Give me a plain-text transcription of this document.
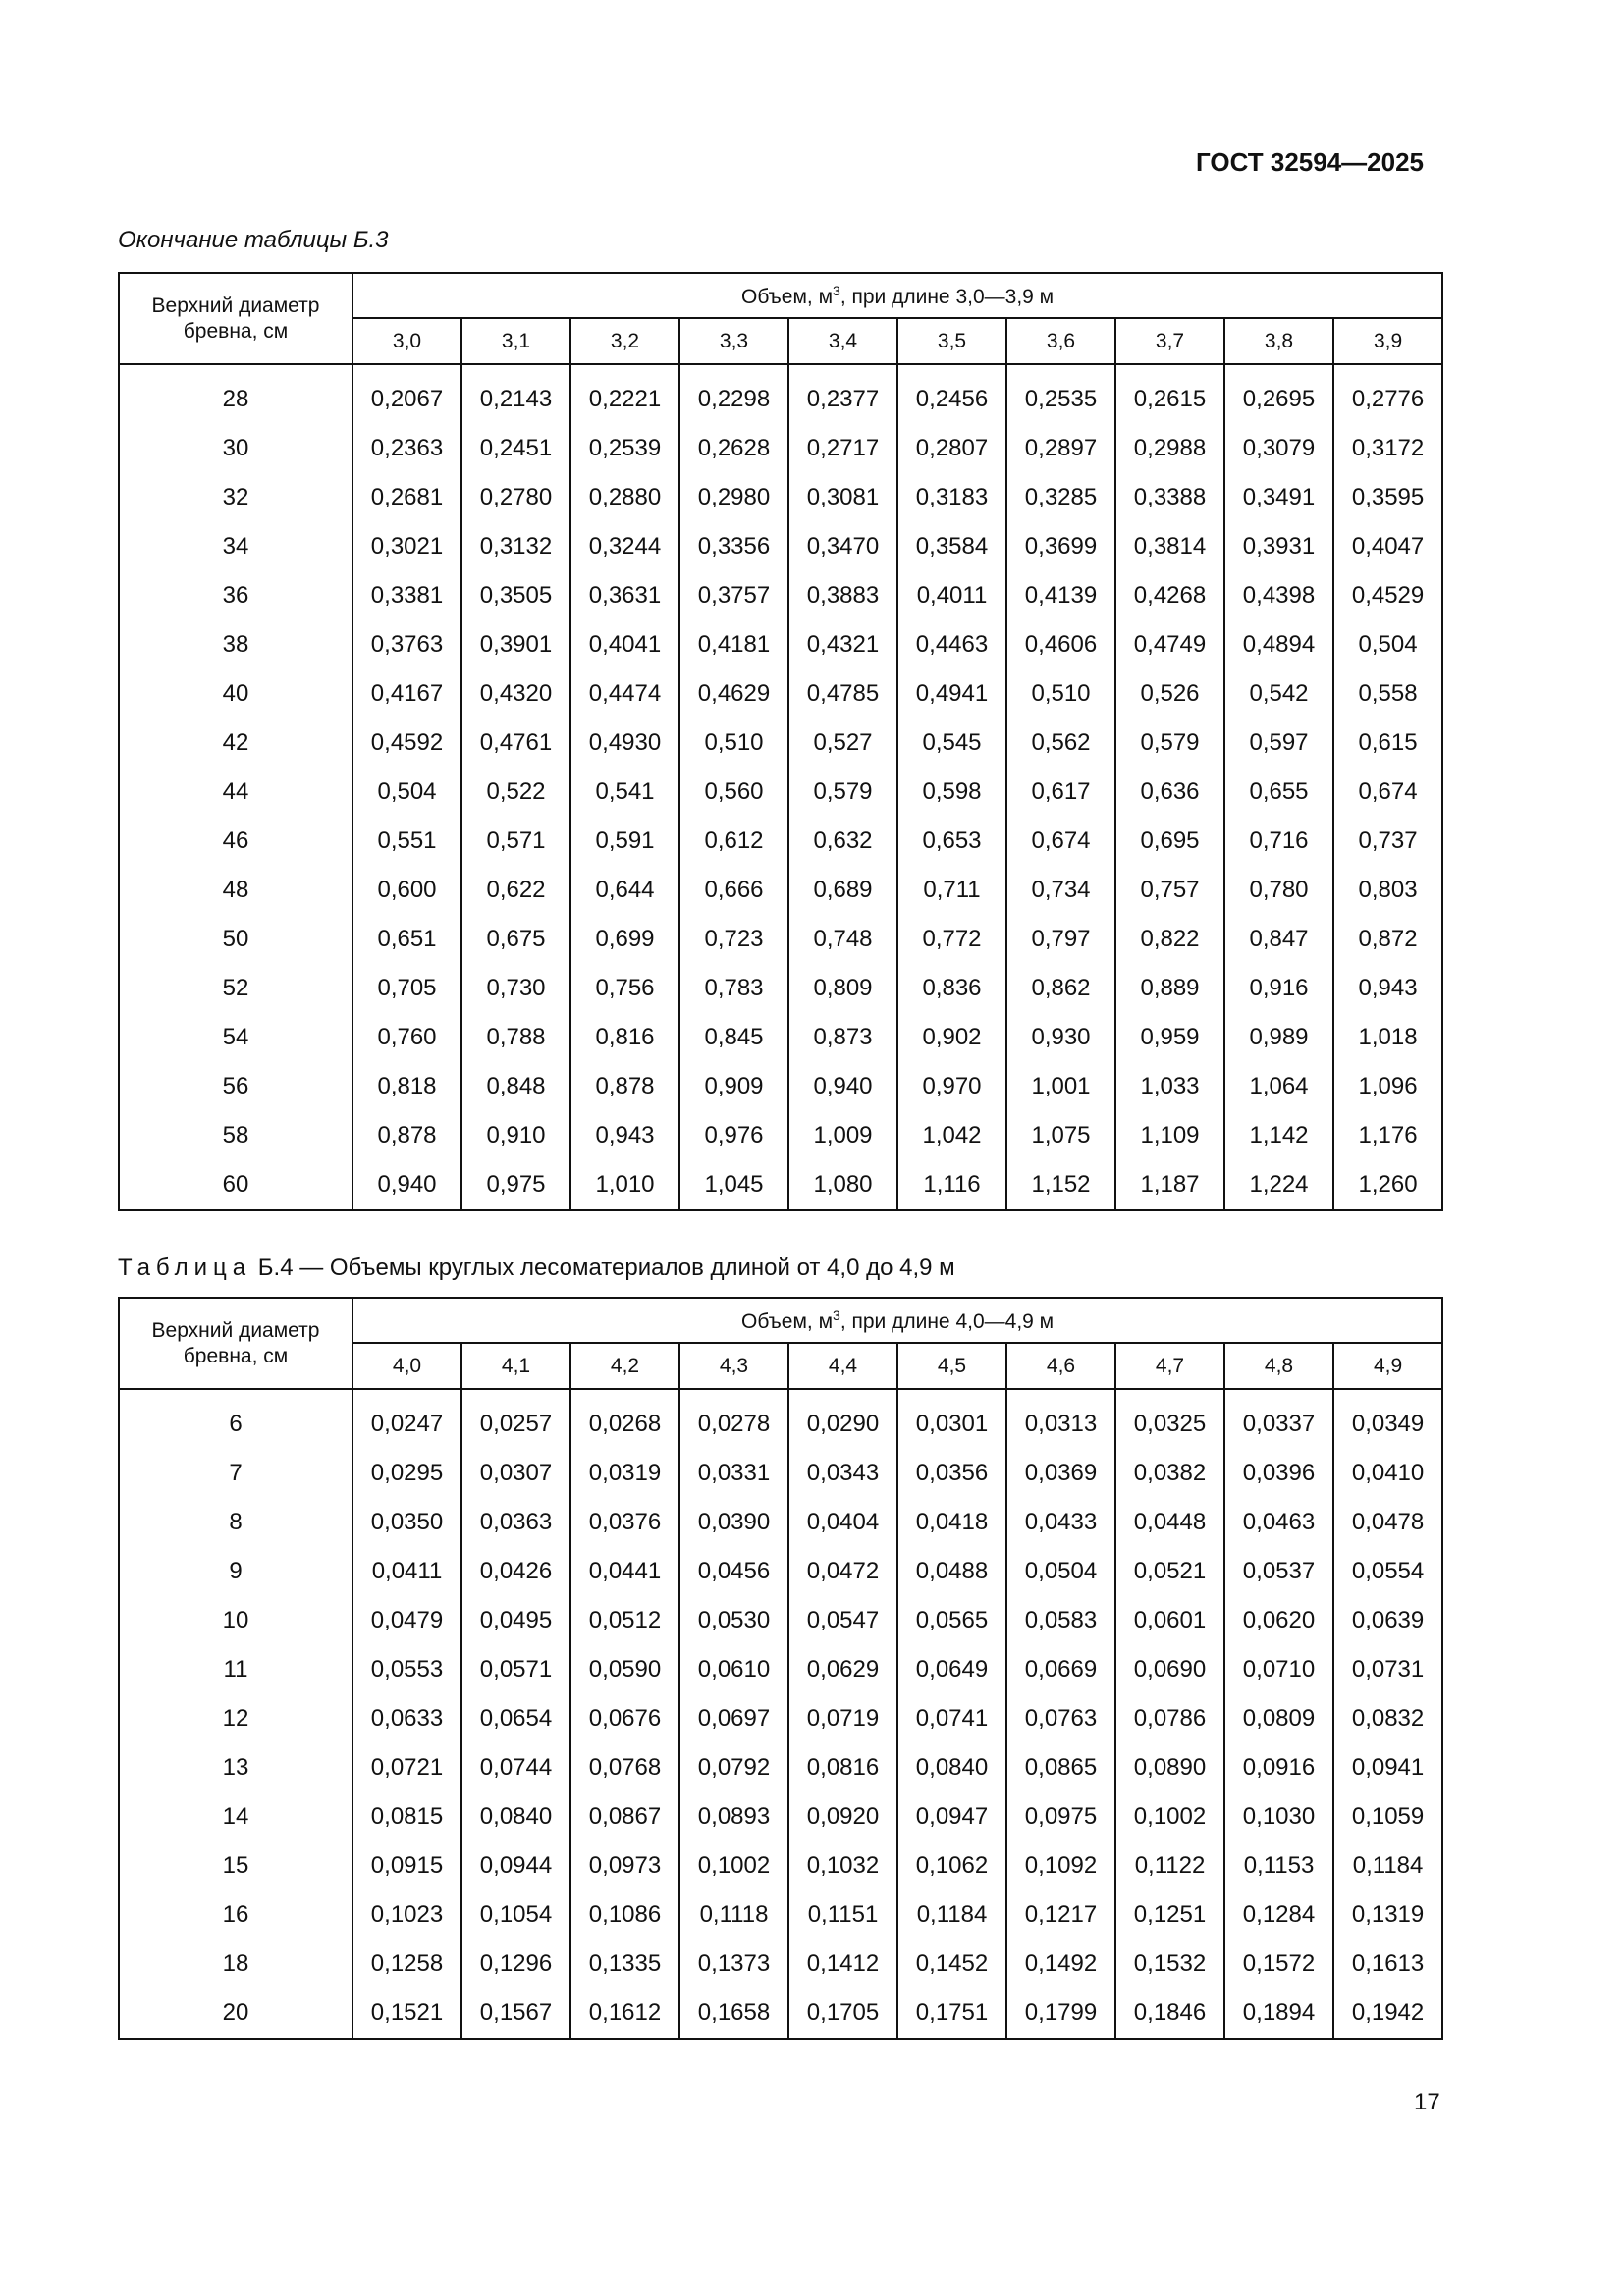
ГОСТ 32594—2025
Окончание таблицы Б.3
Верхний диаметр бревна, см	Объем, $м^3$, при длине 3,0—3,9 м									
	3,0	3,1	3,2	3,3	3,4	3,5	3,6	3,7	3,8	3,9

28	0,2067	0,2143	0,2221	0,2298	0,2377	0,2456	0,2535	0,2615	0,2695	0,2776
30	0,2363	0,2451	0,2539	0,2628	0,2717	0,2807	0,2897	0,2988	0,3079	0,3172
32	0,2681	0,2780	0,2880	0,2980	0,3081	0,3183	0,3285	0,3388	0,3491	0,3595
34	0,3021	0,3132	0,3244	0,3356	0,3470	0,3584	0,3699	0,3814	0,3931	0,4047
36	0,3381	0,3505	0,3631	0,3757	0,3883	0,4011	0,4139	0,4268	0,4398	0,4529
38	0,3763	0,3901	0,4041	0,4181	0,4321	0,4463	0,4606	0,4749	0,4894	0,504
40	0,4167	0,4320	0,4474	0,4629	0,4785	0,4941	0,510	0,526	0,542	0,558
42	0,4592	0,4761	0,4930	0,510	0,527	0,545	0,562	0,579	0,597	0,615
44	0,504	0,522	0,541	0,560	0,579	0,598	0,617	0,636	0,655	0,674
46	0,551	0,571	0,591	0,612	0,632	0,653	0,674	0,695	0,716	0,737
48	0,600	0,622	0,644	0,666	0,689	0,711	0,734	0,757	0,780	0,803
50	0,651	0,675	0,699	0,723	0,748	0,772	0,797	0,822	0,847	0,872
52	0,705	0,730	0,756	0,783	0,809	0,836	0,862	0,889	0,916	0,943
54	0,760	0,788	0,816	0,845	0,873	0,902	0,930	0,959	0,989	1,018
56	0,818	0,848	0,878	0,909	0,940	0,970	1,001	1,033	1,064	1,096
58	0,878	0,910	0,943	0,976	1,009	1,042	1,075	1,109	1,142	1,176
60	0,940	0,975	1,010	1,045	1,080	1,116	1,152	1,187	1,224	1,260
Таблица Б.4 — Объемы круглых лесоматериалов длиной от 4,0 до 4,9 м
Верхний диаметр бревна, см	Объем, $м^3$, при длине 4,0—4,9 м									
	4,0	4,1	4,2	4,3	4,4	4,5	4,6	4,7	4,8	4,9

6	0,0247	0,0257	0,0268	0,0278	0,0290	0,0301	0,0313	0,0325	0,0337	0,0349
7	0,0295	0,0307	0,0319	0,0331	0,0343	0,0356	0,0369	0,0382	0,0396	0,0410
8	0,0350	0,0363	0,0376	0,0390	0,0404	0,0418	0,0433	0,0448	0,0463	0,0478
9	0,0411	0,0426	0,0441	0,0456	0,0472	0,0488	0,0504	0,0521	0,0537	0,0554
10	0,0479	0,0495	0,0512	0,0530	0,0547	0,0565	0,0583	0,0601	0,0620	0,0639
11	0,0553	0,0571	0,0590	0,0610	0,0629	0,0649	0,0669	0,0690	0,0710	0,0731
12	0,0633	0,0654	0,0676	0,0697	0,0719	0,0741	0,0763	0,0786	0,0809	0,0832
13	0,0721	0,0744	0,0768	0,0792	0,0816	0,0840	0,0865	0,0890	0,0916	0,0941
14	0,0815	0,0840	0,0867	0,0893	0,0920	0,0947	0,0975	0,1002	0,1030	0,1059
15	0,0915	0,0944	0,0973	0,1002	0,1032	0,1062	0,1092	0,1122	0,1153	0,1184
16	0,1023	0,1054	0,1086	0,1118	0,1151	0,1184	0,1217	0,1251	0,1284	0,1319
18	0,1258	0,1296	0,1335	0,1373	0,1412	0,1452	0,1492	0,1532	0,1572	0,1613
20	0,1521	0,1567	0,1612	0,1658	0,1705	0,1751	0,1799	0,1846	0,1894	0,1942
17
